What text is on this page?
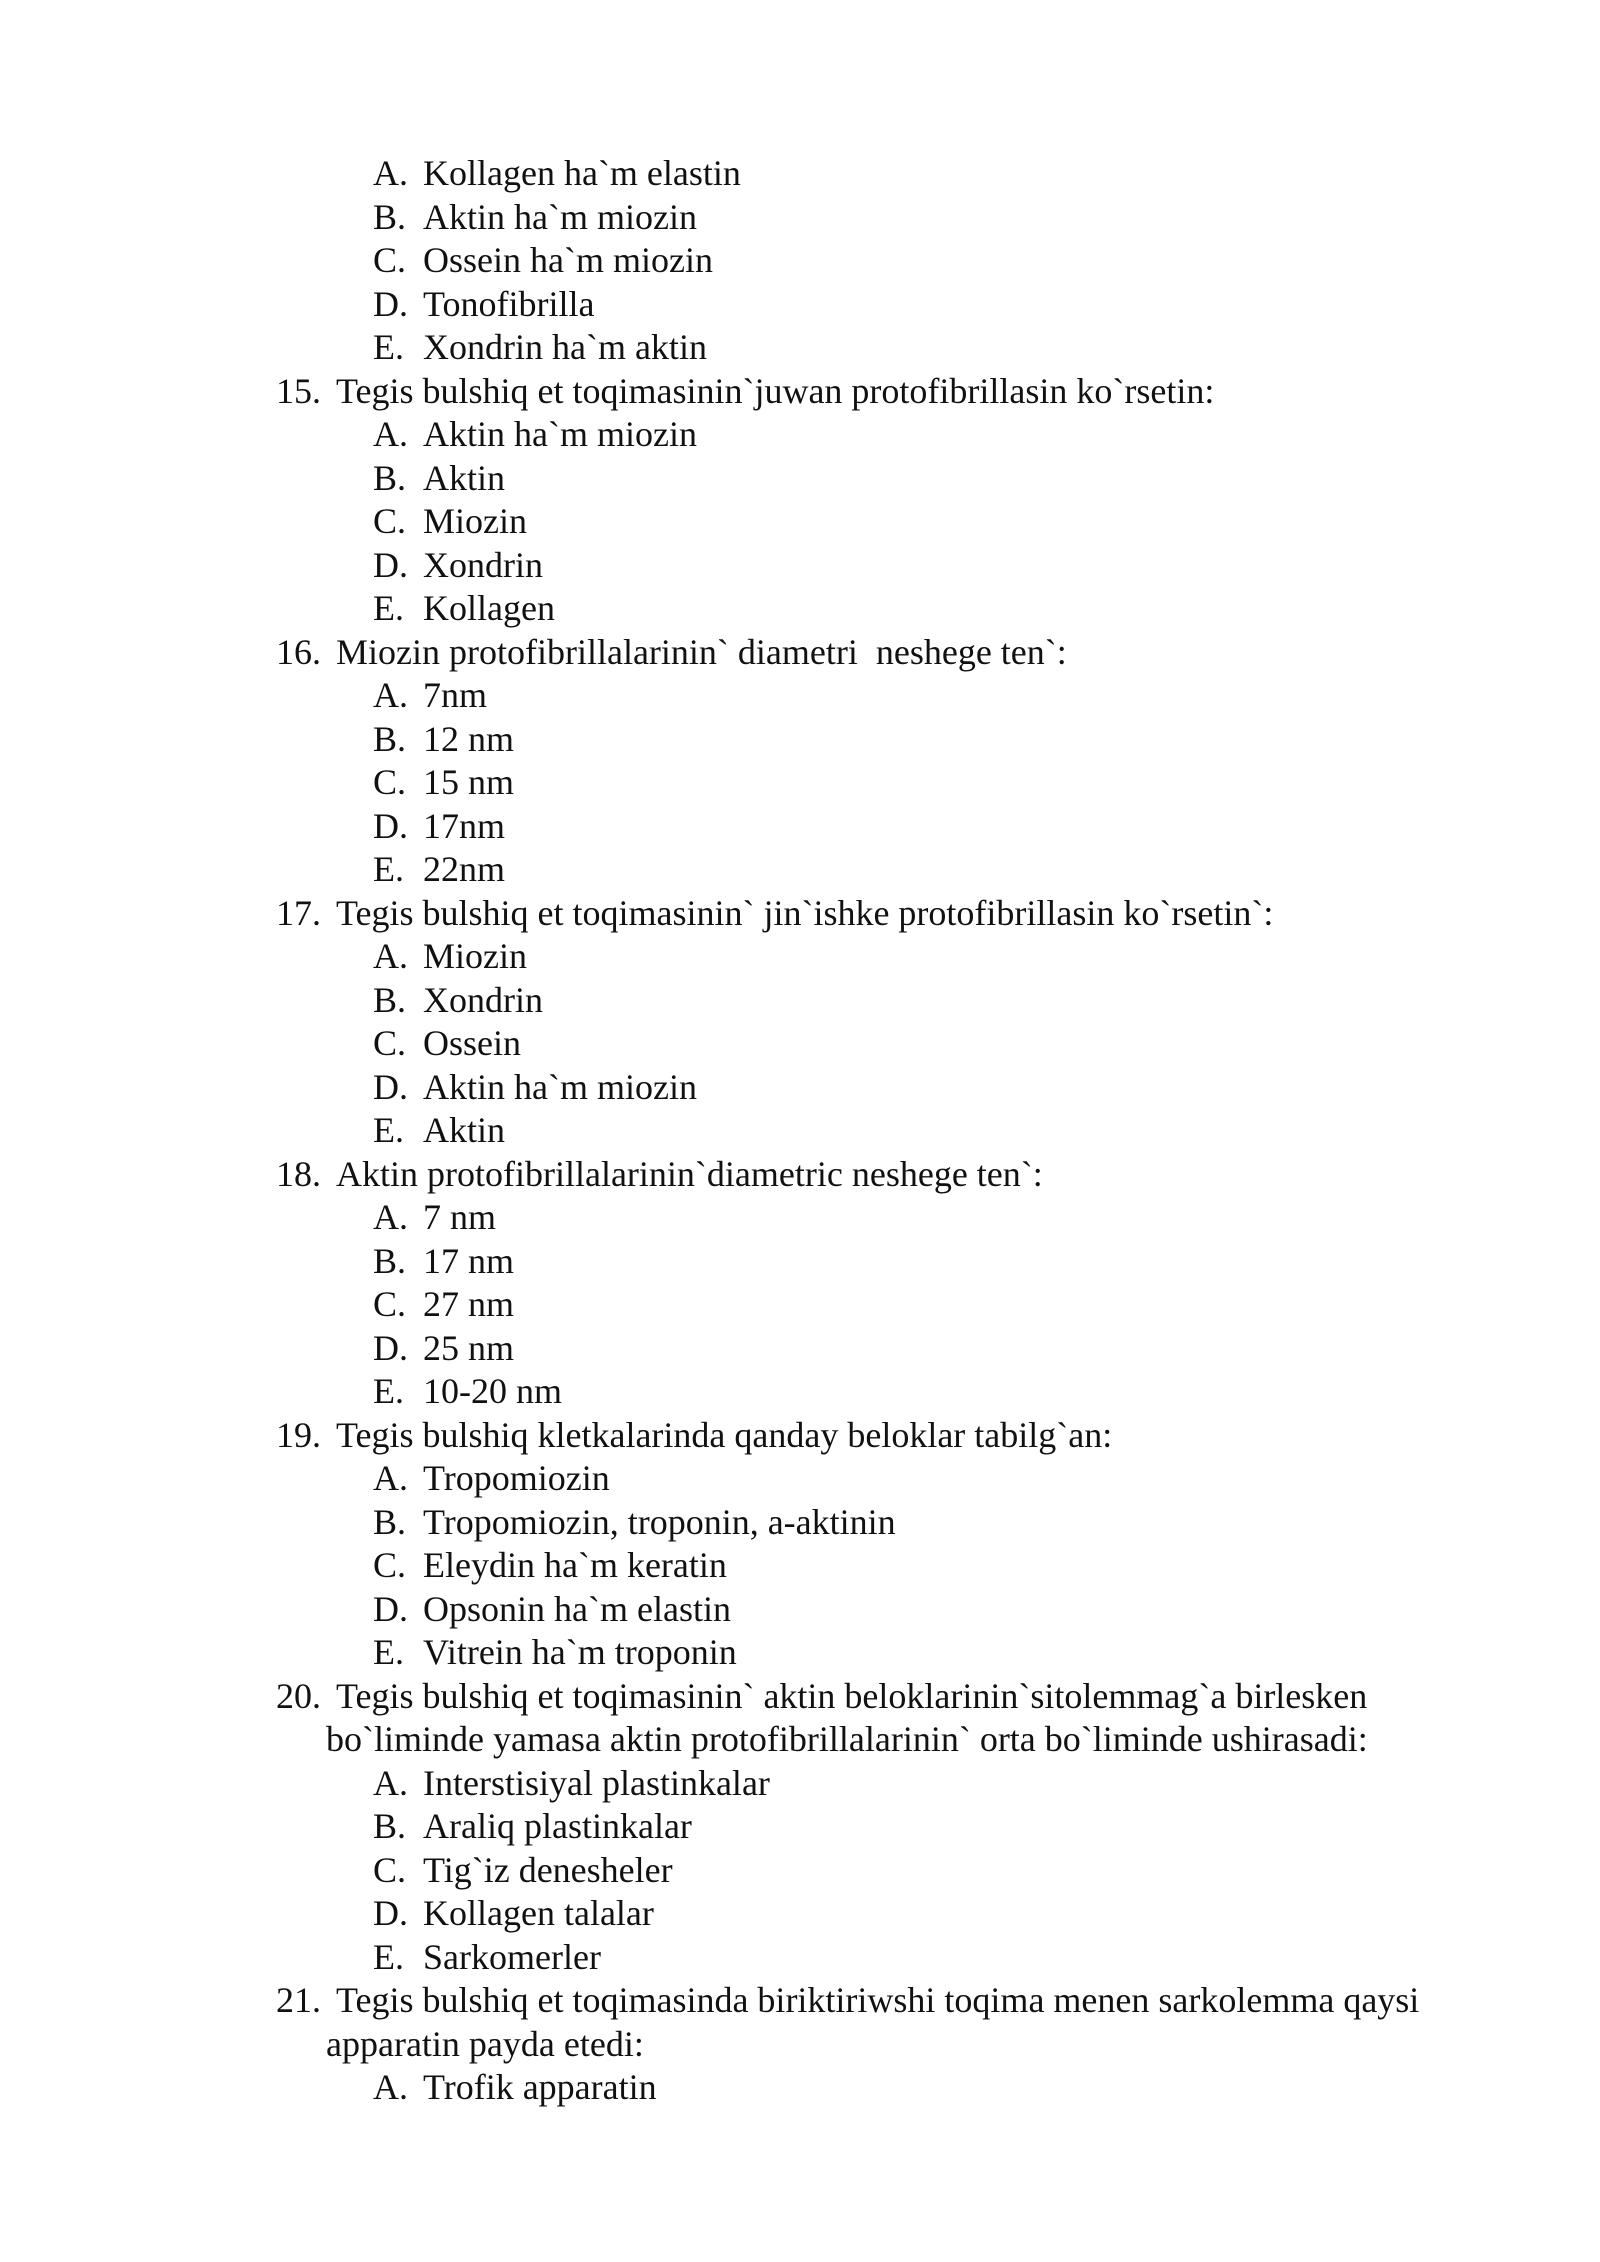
A. Kollagen ha`m elastin
B. Aktin ha`m miozin
C. Ossein ha`m miozin
D. Tonofibrilla
E. Xondrin ha`m aktin
15. Tegis bulshiq et toqimasinin`juwan protofibrillasin ko`rsetin:
A. Aktin ha`m miozin
B. Aktin
C. Miozin
D. Xondrin
E. Kollagen
16. Miozin protofibrillalarinin` diametri  neshege ten`:
A. 7nm
B. 12 nm
C. 15 nm
D. 17nm
E. 22nm
17. Tegis bulshiq et toqimasinin` jin`ishke protofibrillasin ko`rsetin`:
A. Miozin
B. Xondrin
C. Ossein
D. Aktin ha`m miozin
E. Aktin
18. Aktin protofibrillalarinin`diametric neshege ten`:
A. 7 nm
B. 17 nm
C. 27 nm
D. 25 nm
E. 10-20 nm
19. Tegis bulshiq kletkalarinda qanday beloklar tabilg`an:
A. Tropomiozin
B. Tropomiozin, troponin, a-aktinin
C. Eleydin ha`m keratin
D. Opsonin ha`m elastin
E. Vitrein ha`m troponin
20. Tegis bulshiq et toqimasinin` aktin beloklarinin`sitolemmag`a birlesken
bo`liminde yamasa aktin protofibrillalarinin` orta bo`liminde ushirasadi:
A. Interstisiyal plastinkalar
B. Araliq plastinkalar
C. Tig`iz denesheler
D. Kollagen talalar
E. Sarkomerler
21. Tegis bulshiq et toqimasinda biriktiriwshi toqima menen sarkolemma qaysi
apparatin payda etedi:
A. Trofik apparatin
